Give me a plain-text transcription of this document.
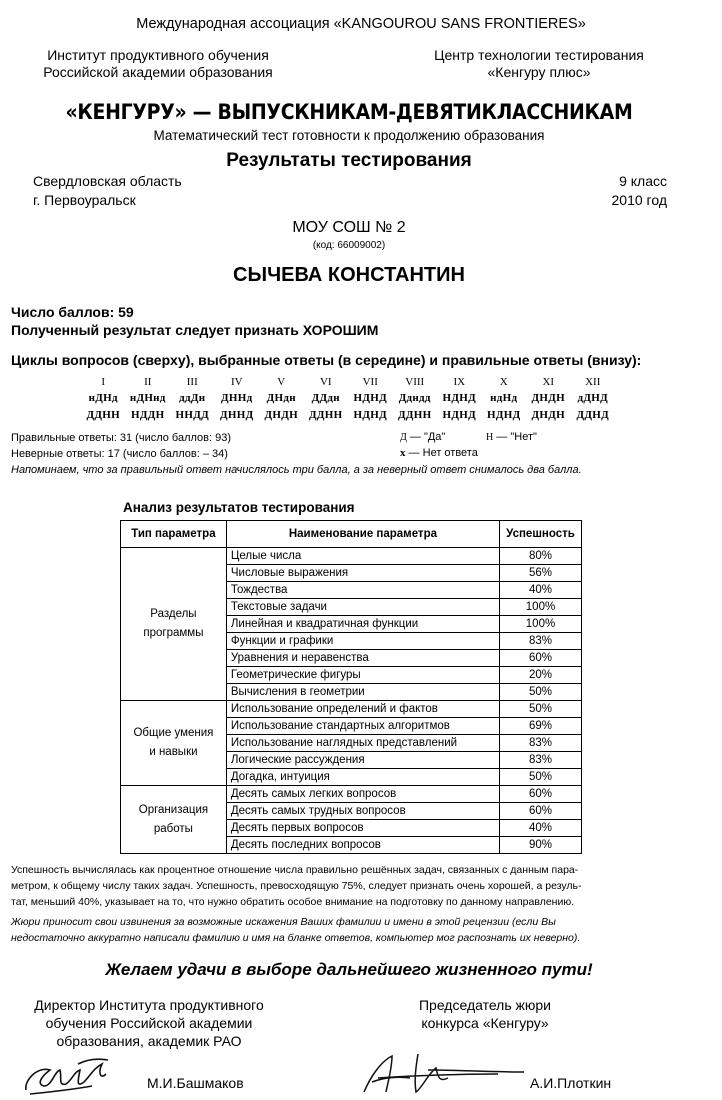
Международная ассоциация «KANGOUROU SANS FRONTIERES»
Институт продуктивного обучения
Российской академии образования
Центр технологии тестирования
«Кенгуру плюс»
«КЕНГУРУ» — ВЫПУСКНИКАМ-ДЕВЯТИКЛАССНИКАМ
Математический тест готовности к продолжению образования
Результаты тестирования
Свердловская область
г. Первоуральск
9 класс
2010 год
МОУ СОШ № 2
(код: 66009002)
СЫЧЕВА КОНСТАНТИН
Число баллов: 59
Полученный результат следует признать ХОРОШИМ
Циклы вопросов (сверху), выбранные ответы (в середине) и правильные ответы (внизу):
I	II	III	IV	V	VI	VII	VIII	IX	X	XI	XII
нДНд	нДНнд	ддДн	ДННд	ДНдн	ДДдн	НДНД	Ддндд	НДНД	ндНд	ДНДН	дДНД
ДДНН	НДДН	ННДД	ДННД	ДНДН	ДДНН	НДНД	ДДНН	НДНД	НДНД	ДНДН	ДДНД
Правильные ответы: 31 (число баллов: 93)
Неверные ответы: 17 (число баллов: – 34)
Д — "Да"	Н — "Нет"
x — Нет ответа
Напоминаем, что за правильный ответ начислялось три балла, а за неверный ответ снималось два балла.
Анализ результатов тестирования
Тип параметра	Наименование параметра	Успешность

Разделы
программы	Целые числа	80%
	Числовые выражения	56%
	Тождества	40%
	Текстовые задачи	100%
	Линейная и квадратичная функции	100%
	Функции и графики	83%
	Уравнения и неравенства	60%
	Геометрические фигуры	20%
	Вычисления в геометрии	50%

Общие умения
и навыки	Использование определений и фактов	50%
	Использование стандартных алгоритмов	69%
	Использование наглядных представлений	83%
	Логические рассуждения	83%
	Догадка, интуиция	50%

Организация
работы	Десять самых легких вопросов	60%
	Десять самых трудных вопросов	60%
	Десять первых вопросов	40%
	Десять последних вопросов	90%
Успешность вычислялась как процентное отношение числа правильно решённых задач, связанных с данным пара-
метром, к общему числу таких задач. Успешность, превосходящую 75%, следует признать очень хорошей, а резуль-
тат, меньший 40%, указывает на то, что нужно обратить особое внимание на подготовку по данному направлению.
Жюри приносит свои извинения за возможные искажения Ваших фамилии и имени в этой рецензии (если Вы
недостаточно аккуратно написали фамилию и имя на бланке ответов, компьютер мог распознать их неверно).
Желаем удачи в выборе дальнейшего жизненного пути!
Директор Института продуктивного
обучения Российской академии
образования, академик РАО
Председатель жюри
конкурса «Кенгуру»
М.И.Башмаков	А.И.Плоткин
